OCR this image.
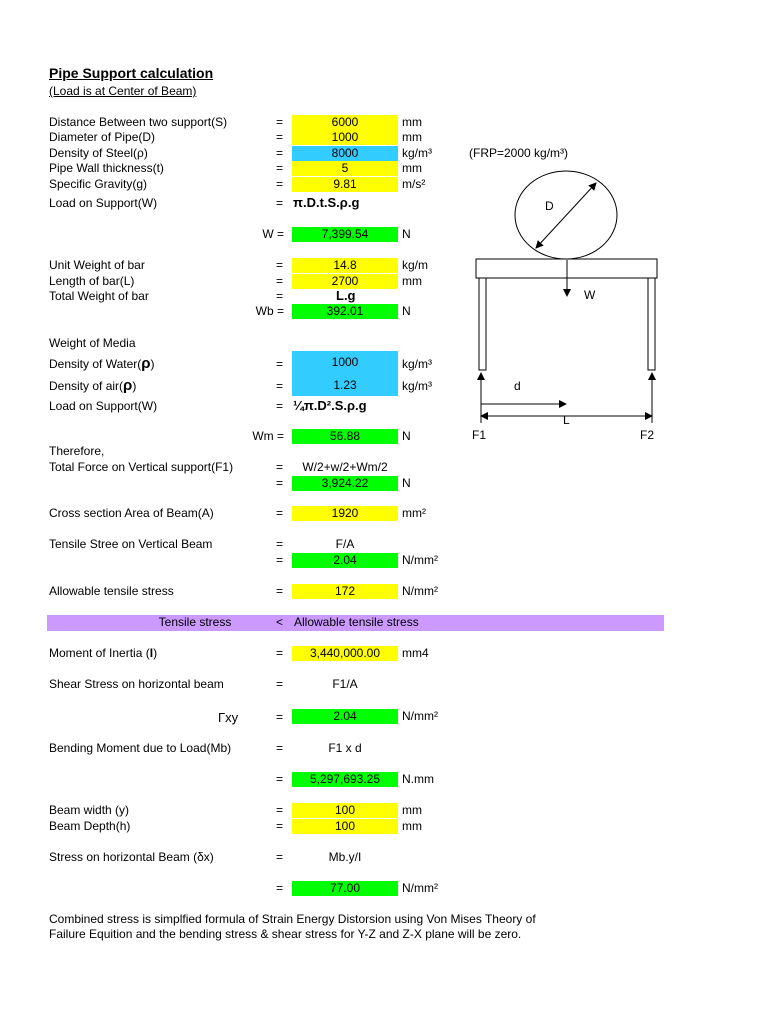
Pipe Support calculation
(Load is at Center of Beam)
Distance Between two support(S)	=	6000	mm
Diameter of Pipe(D)	=	1000	mm
Density of Steel(ρ)	=	8000	kg/m³	(FRP=2000 kg/m³)
Pipe Wall thickness(t)	=	5	mm
Specific Gravity(g)	=	9.81	m/s²
Load on Support(W)	= π.D.t.S.ρ.g
W =	7,399.54	N
Unit Weight of bar	=	14.8	kg/m
Length of bar(L)	=	2700	mm
Total Weight of bar	=	L.g
Wb =	392.01	N
Weight of Media
Density of Water(ρ)	=	1000	kg/m³
Density of air(ρ)	=	1.23	kg/m³
Load on Support(W)	= ¼π.D².S.ρ.g
Wm =	56.88	N
Therefore,
Total Force on Vertical support(F1)	=	W/2+w/2+Wm/2
=	3,924.22	N
Cross section Area of Beam(A)	=	1920	mm²
Tensile Stree on Vertical Beam	=	F/A
=	2.04	N/mm²
Allowable tensile stress	=	172	N/mm²
Tensile stress	< Allowable tensile stress
Moment of Inertia (I)	=	3,440,000.00	mm4
Shear Stress on horizontal beam	=	F1/A
Γxy	=	2.04	N/mm²
Bending Moment due to Load(Mb)	=	F1 x d
=	5,297,693.25	N.mm
Beam width (y)	=	100	mm
Beam Depth(h)	=	100	mm
Stress on horizontal Beam (δx)	=	Mb.y/I
=	77.00	N/mm²
Combined stress is simplfied formula of Strain Energy Distorsion using Von Mises Theory of
Failure Equition and the bending stress & shear stress for Y-Z and Z-X plane will be zero.
D
W
d
L
F1	F2
